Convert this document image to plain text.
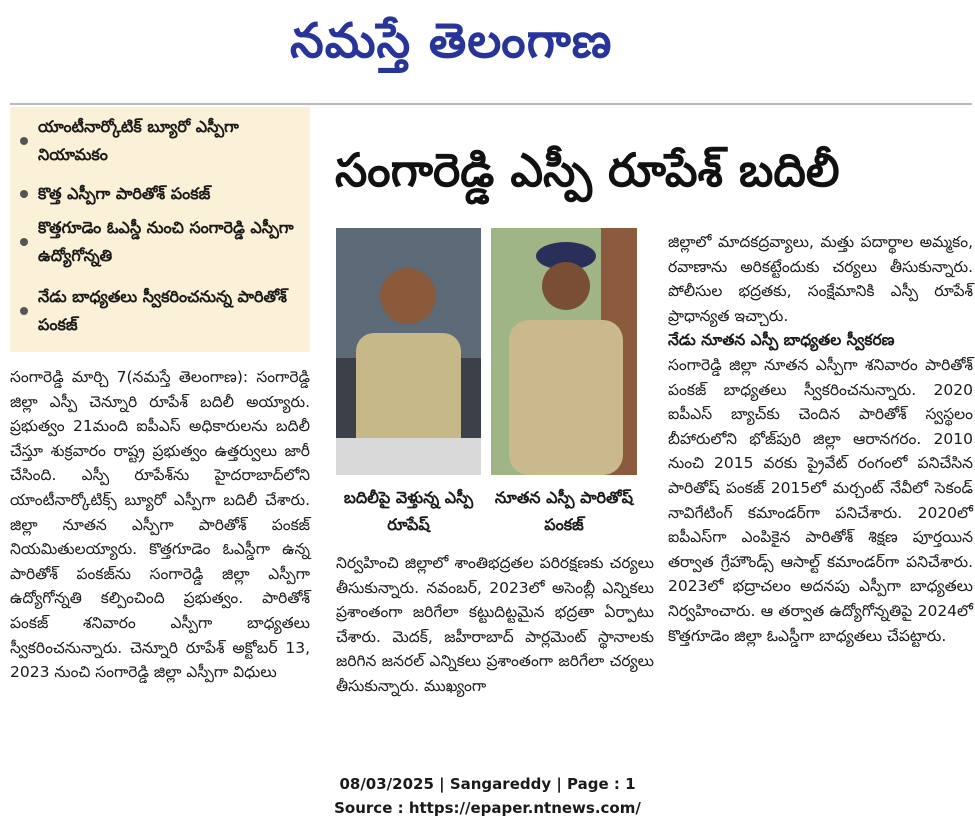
నమస్తే తెలంగాణ
యాంటీనార్కోటిక్ బ్యూరో ఎస్పీగా నియామకం
కొత్త ఎస్పీగా పారితోశ్ పంకజ్
కొత్తగూడెం ఓఎస్డీ నుంచి సంగారెడ్డి ఎస్పీగా ఉద్యోగోన్నతి
నేడు బాధ్యతలు స్వీకరించనున్న పారితోశ్ పంకజ్
సంగారెడ్డి ఎస్పీ రూపేశ్ బదిలీ
బదిలీపై వెళ్తున్న ఎస్పీ రూపేష్
నూతన ఎస్పీ పారితోష్ పంకజ్

సంగారెడ్డి మార్చి 7(నమస్తే తెలంగాణ): సంగారెడ్డి జిల్లా ఎస్పీ చెన్నూరి రూపేశ్ బదిలీ అయ్యారు. ప్రభుత్వం 21మంది ఐపీఎస్ అధికారులను బదిలీ చేస్తూ శుక్రవారం రాష్ట్ర ప్రభుత్వం ఉత్తర్వులు జారీ చేసింది. ఎస్పీ రూపేశ్‌ను హైదరాబాద్‌లోని యాంటీనార్కోటిక్స్ బ్యూరో ఎస్పీగా బదిలీ చేశారు. జిల్లా నూతన ఎస్పీగా పారితోశ్ పంకజ్ నియమితులయ్యారు. కొత్తగూడెం ఓఎస్డీగా ఉన్న పారితోశ్ పంకజ్‌ను సంగారెడ్డి జిల్లా ఎస్పీగా ఉద్యోగోన్నతి కల్పించింది ప్రభుత్వం. పారితోశ్ పంకజ్ శనివారం ఎస్పీగా బాధ్యతలు స్వీకరించనున్నారు. చెన్నూరి రూపేశ్ అక్టోబర్ 13, 2023 నుంచి సంగారెడ్డి జిల్లా ఎస్పీగా విధులు

నిర్వహించి జిల్లాలో శాంతిభద్రతల పరిరక్షణకు చర్యలు తీసుకున్నారు. నవంబర్, 2023లో అసెంబ్లీ ఎన్నికలు ప్రశాంతంగా జరిగేలా కట్టుదిట్టమైన భద్రతా ఏర్పాటు చేశారు. మెదక్, జహీరాబాద్ పార్లమెంట్ స్థానాలకు జరిగిన జనరల్ ఎన్నికలు ప్రశాంతంగా జరిగేలా చర్యలు తీసుకున్నారు. ముఖ్యంగా

జిల్లాలో మాదకద్రవ్యాలు, మత్తు పదార్థాల అమ్మకం, రవాణాను అరికట్టేందుకు చర్యలు తీసుకున్నారు. పోలీసుల భద్రతకు, సంక్షేమానికి ఎస్పీ రూపేశ్ ప్రాధాన్యత ఇచ్చారు.

నేడు నూతన ఎస్పీ బాధ్యతల స్వీకరణ

సంగారెడ్డి జిల్లా నూతన ఎస్పీగా శనివారం పారితోశ్ పంకజ్ బాధ్యతలు స్వీకరించనున్నారు. 2020 ఐపీఎస్ బ్యాచ్‌కు చెందిన పారితోశ్ స్వస్థలం బీహారులోని భోజ్‌పురి జిల్లా ఆరానగరం. 2010 నుంచి 2015 వరకు ప్రైవేట్ రంగంలో పనిచేసిన పారితోష్ పంకజ్ 2015లో మర్చంట్ నేవీలో సెకండ్ నావిగేటింగ్ కమాండర్‌గా పనిచేశారు. 2020లో ఐపీఎస్‌గా ఎంపికైన పారితోశ్ శిక్షణ పూర్తయిన తర్వాత గ్రేహౌండ్స్ ఆసాల్ట్ కమాండర్‌గా పనిచేశారు. 2023లో భద్రాచలం అదనపు ఎస్పీగా బాధ్యతలు నిర్వహించారు. ఆ తర్వాత ఉద్యోగోన్నతిపై 2024లో కొత్తగూడెం జిల్లా ఓఎస్డీగా బాధ్యతలు చేపట్టారు.

08/03/2025 | Sangareddy | Page : 1
Source : https://epaper.ntnews.com/
